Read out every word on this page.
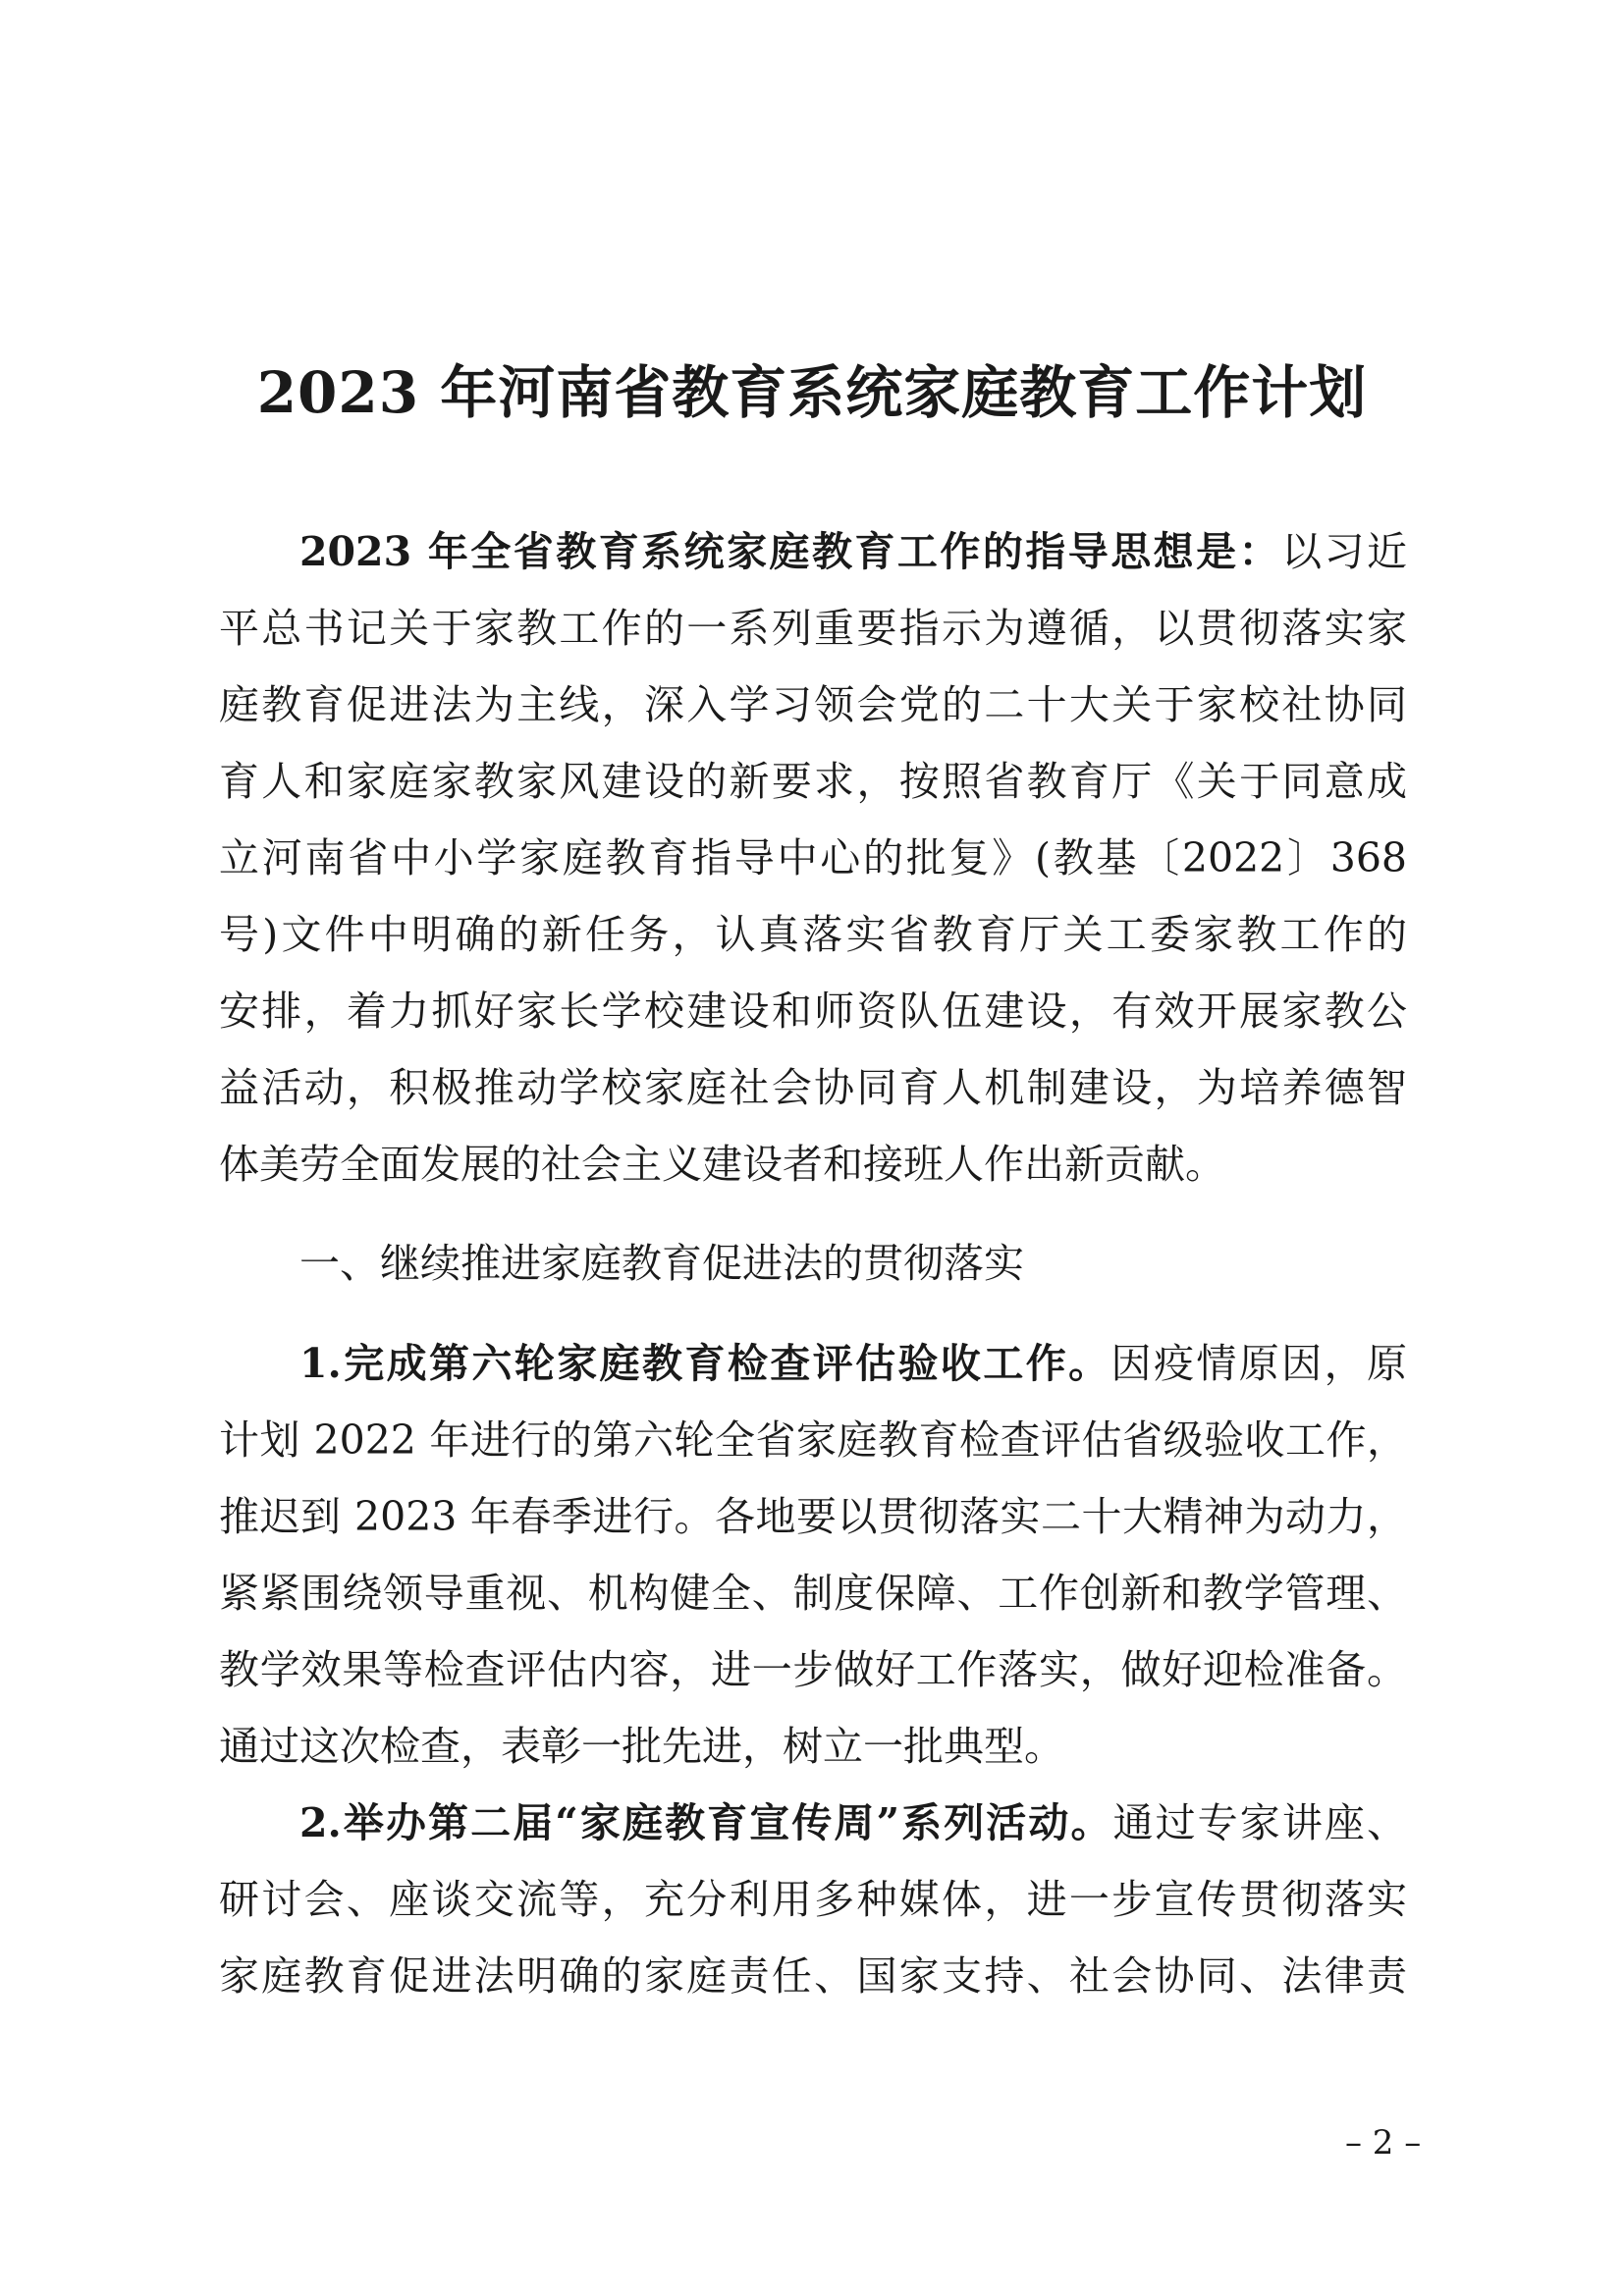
2023 年河南省教育系统家庭教育工作计划
2023 年全省教育系统家庭教育工作的指导思想是：以习近
平总书记关于家教工作的一系列重要指示为遵循，以贯彻落实家
庭教育促进法为主线，深入学习领会党的二十大关于家校社协同
育人和家庭家教家风建设的新要求，按照省教育厅《关于同意成
立河南省中小学家庭教育指导中心的批复》(教基〔2022〕368
号)文件中明确的新任务，认真落实省教育厅关工委家教工作的
安排，着力抓好家长学校建设和师资队伍建设，有效开展家教公
益活动，积极推动学校家庭社会协同育人机制建设，为培养德智
体美劳全面发展的社会主义建设者和接班人作出新贡献。
一、继续推进家庭教育促进法的贯彻落实
1.完成第六轮家庭教育检查评估验收工作。因疫情原因，原
计划 2022 年进行的第六轮全省家庭教育检查评估省级验收工作，
推迟到 2023 年春季进行。各地要以贯彻落实二十大精神为动力，
紧紧围绕领导重视、机构健全、制度保障、工作创新和教学管理、
教学效果等检查评估内容，进一步做好工作落实，做好迎检准备。
通过这次检查，表彰一批先进，树立一批典型。
2.举办第二届“家庭教育宣传周”系列活动。通过专家讲座、
研讨会、座谈交流等，充分利用多种媒体，进一步宣传贯彻落实
家庭教育促进法明确的家庭责任、国家支持、社会协同、法律责
– 2 –
